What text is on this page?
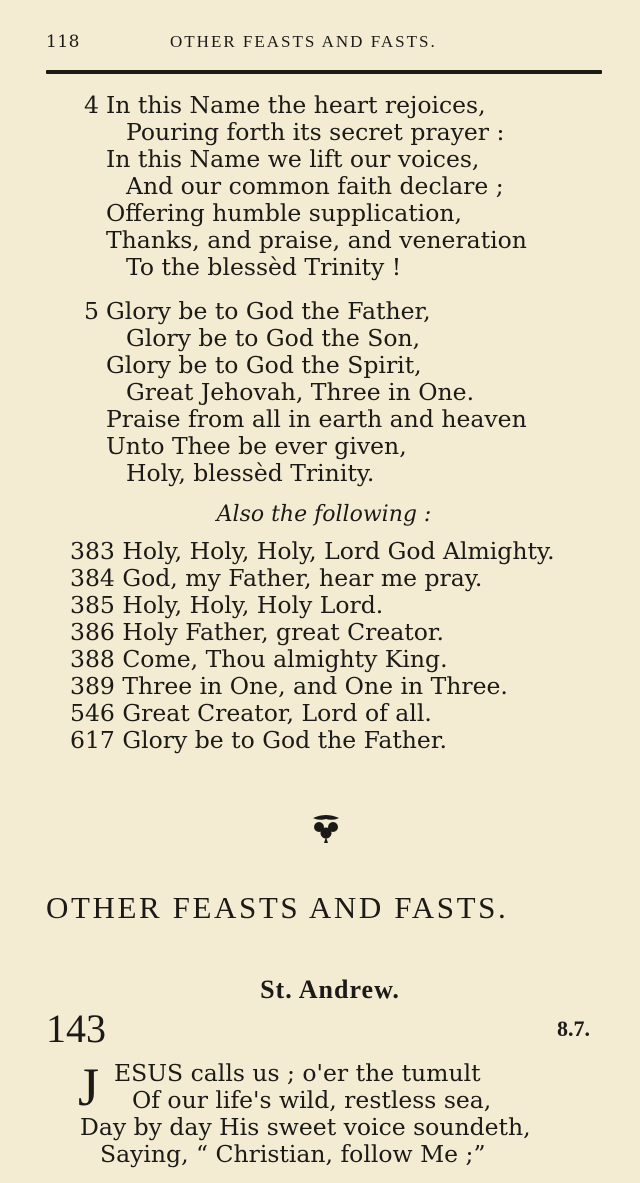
118	OTHER FEASTS AND FASTS.
4 In this Name the heart rejoices,
Pouring forth its secret prayer :
In this Name we lift our voices,
And our common faith declare ;
Offering humble supplication,
Thanks, and praise, and veneration
To the blessèd Trinity !
5 Glory be to God the Father,
Glory be to God the Son,
Glory be to God the Spirit,
Great Jehovah, Three in One.
Praise from all in earth and heaven
Unto Thee be ever given,
Holy, blessèd Trinity.
Also the following :
383 Holy, Holy, Holy, Lord God Almighty.
384 God, my Father, hear me pray.
385 Holy, Holy, Holy Lord.
386 Holy Father, great Creator.
388 Come, Thou almighty King.
389 Three in One, and One in Three.
546 Great Creator, Lord of all.
617 Glory be to God the Father.
OTHER FEASTS AND FASTS.
St. Andrew.
143	8.7.
J ESUS calls us ; o'er the tumult
Of our life's wild, restless sea,
Day by day His sweet voice soundeth,
Saying, “ Christian, follow Me ;”
